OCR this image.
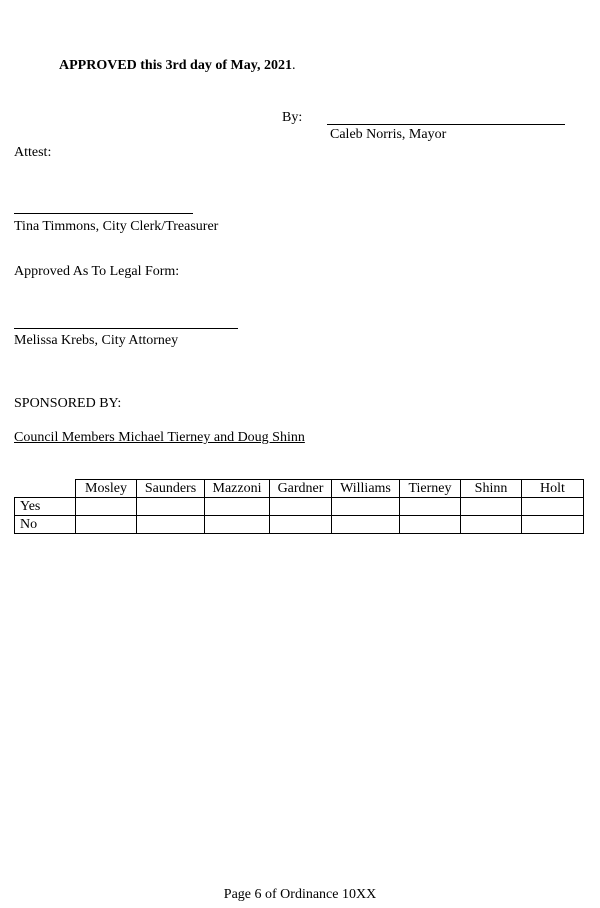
APPROVED this 3rd day of May, 2021.
By:
Caleb Norris, Mayor
Attest:
Tina Timmons, City Clerk/Treasurer
Approved As To Legal Form:
Melissa Krebs, City Attorney
SPONSORED BY:
Council Members Michael Tierney and Doug Shinn
	Mosley	Saunders	Mazzoni	Gardner	Williams	Tierney	Shinn	Holt
Yes								
No								
Page 6 of Ordinance 10XX
